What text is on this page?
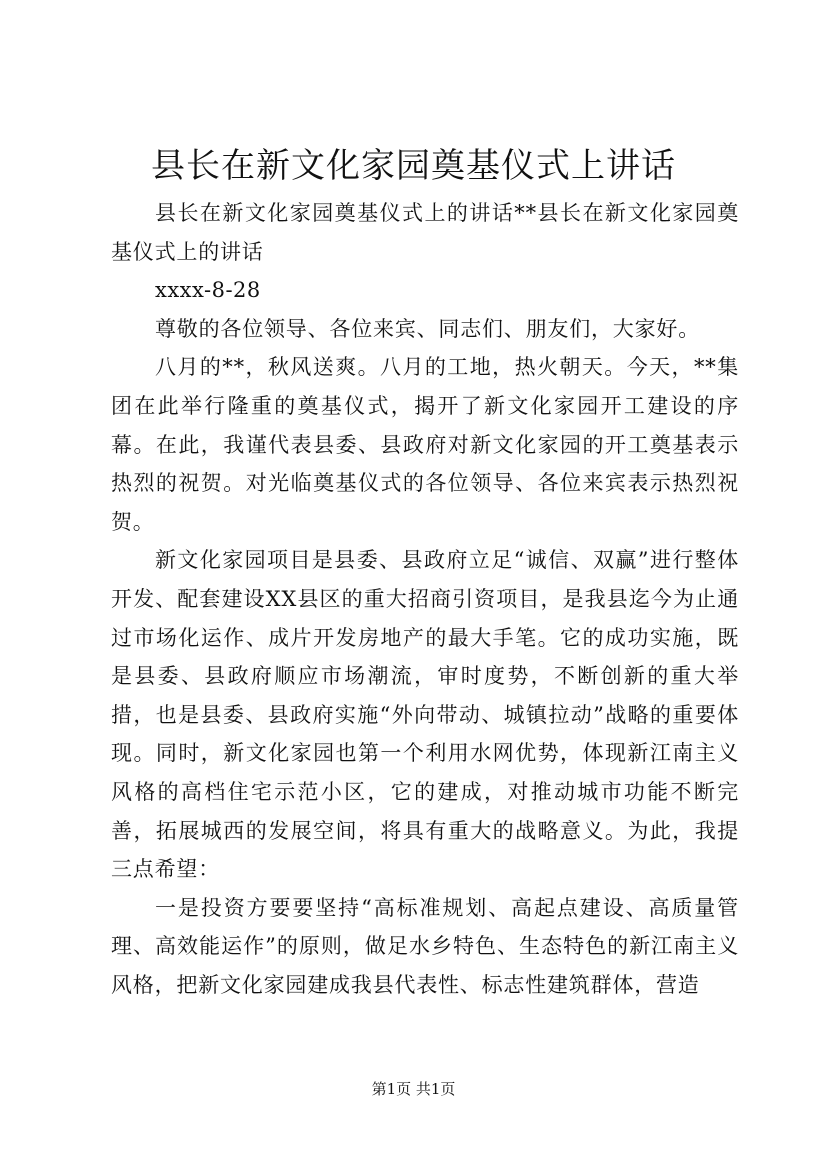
县长在新文化家园奠基仪式上讲话

县长在新文化家园奠基仪式上的讲话**县长在新文化家园奠基仪式上的讲话

xxxx-8-28

尊敬的各位领导、各位来宾、同志们、朋友们，大家好。

八月的**，秋风送爽。八月的工地，热火朝天。今天，**集团在此举行隆重的奠基仪式，揭开了新文化家园开工建设的序幕。在此，我谨代表县委、县政府对新文化家园的开工奠基表示热烈的祝贺。对光临奠基仪式的各位领导、各位来宾表示热烈祝贺。

新文化家园项目是县委、县政府立足“诚信、双赢”进行整体开发、配套建设XX县区的重大招商引资项目，是我县迄今为止通过市场化运作、成片开发房地产的最大手笔。它的成功实施，既是县委、县政府顺应市场潮流，审时度势，不断创新的重大举措，也是县委、县政府实施“外向带动、城镇拉动”战略的重要体现。同时，新文化家园也第一个利用水网优势，体现新江南主义风格的高档住宅示范小区，它的建成，对推动城市功能不断完善，拓展城西的发展空间，将具有重大的战略意义。为此，我提三点希望：

一是投资方要要坚持“高标准规划、高起点建设、高质量管理、高效能运作”的原则，做足水乡特色、生态特色的新江南主义风格，把新文化家园建成我县代表性、标志性建筑群体，营造

第1页 共1页
